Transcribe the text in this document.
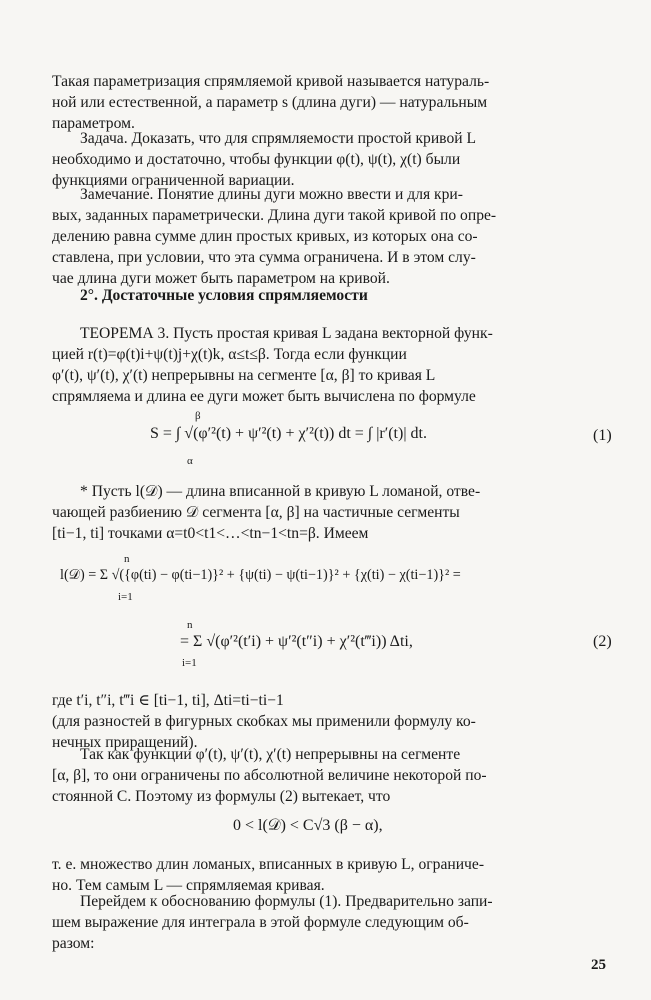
Такая параметризация спрямляемой кривой называется натураль-
ной или естественной, а параметр s (длина дуги) — натуральным
параметром.
Задача. Доказать, что для спрямляемости простой кривой L
необходимо и достаточно, чтобы функции φ(t), ψ(t), χ(t) были
функциями ограниченной вариации.
Замечание. Понятие длины дуги можно ввести и для кри-
вых, заданных параметрически. Длина дуги такой кривой по опре-
делению равна сумме длин простых кривых, из которых она со-
ставлена, при условии, что эта сумма ограничена. И в этом слу-
чае длина дуги может быть параметром на кривой.
2°. Достаточные условия спрямляемости
ТЕОРЕМА 3. Пусть простая кривая L задана векторной функ-
цией r(t)=φ(t)i+ψ(t)j+χ(t)k, α≤t≤β. Тогда если функции
φ′(t), ψ′(t), χ′(t) непрерывны на сегменте [α, β] то кривая L
спрямляема и длина ее дуги может быть вычислена по формуле
S = ∫ √(φ′²(t) + ψ′²(t) + χ′²(t)) dt = ∫ |r′(t)| dt.
β
α
(1)
* Пусть l(𝒟) — длина вписанной в кривую L ломаной, отве-
чающей разбиению 𝒟 сегмента [α, β] на частичные сегменты
[ti−1, ti] точками α=t0<t1<…<tn−1<tn=β. Имеем
n
l(𝒟) = Σ √({φ(ti) − φ(ti−1)}² + {ψ(ti) − ψ(ti−1)}² + {χ(ti) − χ(ti−1)}² =
i=1
n
= Σ √(φ′²(t′i) + ψ′²(t″i) + χ′²(t‴i)) Δti,
i=1
(2)
где t′i, t″i, t‴i ∈ [ti−1, ti], Δti=ti−ti−1
(для разностей в фигурных скобках мы применили формулу ко-
нечных приращений).
Так как функции φ′(t), ψ′(t), χ′(t) непрерывны на сегменте
[α, β], то они ограничены по абсолютной величине некоторой по-
стоянной C. Поэтому из формулы (2) вытекает, что
0 < l(𝒟) < C√3 (β − α),
т. е. множество длин ломаных, вписанных в кривую L, ограниче-
но. Тем самым L — спрямляемая кривая.
Перейдем к обоснованию формулы (1). Предварительно запи-
шем выражение для интеграла в этой формуле следующим об-
разом:
25
